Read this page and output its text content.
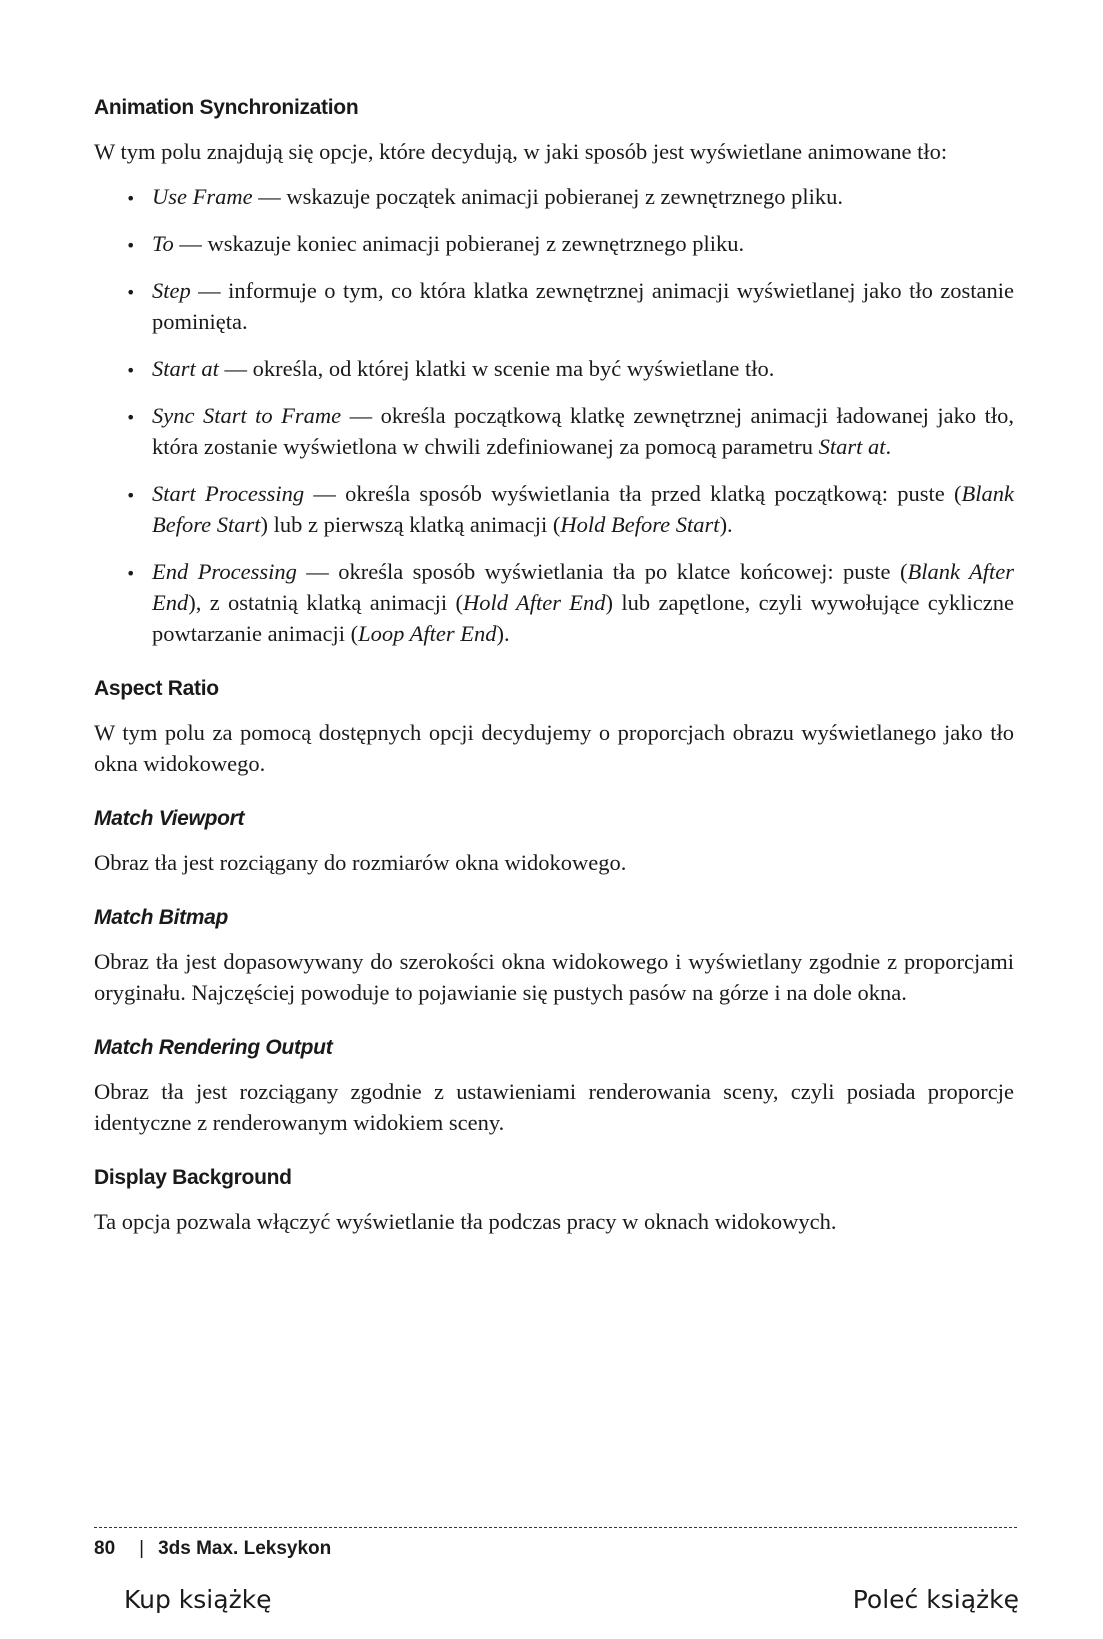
Animation Synchronization

W tym polu znajdują się opcje, które decydują, w jaki sposób jest wyświetlane animowane tło:

• Use Frame — wskazuje początek animacji pobieranej z zewnętrznego pliku.

• To — wskazuje koniec animacji pobieranej z zewnętrznego pliku.

• Step — informuje o tym, co która klatka zewnętrznej animacji wyświetlanej jako tło zostanie pominięta.

• Start at — określa, od której klatki w scenie ma być wyświetlane tło.

• Sync Start to Frame — określa początkową klatkę zewnętrznej animacji ładowanej jako tło, która zostanie wyświetlona w chwili zdefiniowanej za pomocą parametru Start at.

• Start Processing — określa sposób wyświetlania tła przed klatką początkową: puste (Blank Before Start) lub z pierwszą klatką animacji (Hold Before Start).

• End Processing — określa sposób wyświetlania tła po klatce końcowej: puste (Blank After End), z ostatnią klatką animacji (Hold After End) lub zapętlone, czyli wywołujące cykliczne powtarzanie animacji (Loop After End).

Aspect Ratio

W tym polu za pomocą dostępnych opcji decydujemy o proporcjach obrazu wyświetlanego jako tło okna widokowego.

Match Viewport

Obraz tła jest rozciągany do rozmiarów okna widokowego.

Match Bitmap

Obraz tła jest dopasowywany do szerokości okna widokowego i wyświetlany zgodnie z proporcjami oryginału. Najczęściej powoduje to pojawianie się pustych pasów na górze i na dole okna.

Match Rendering Output

Obraz tła jest rozciągany zgodnie z ustawieniami renderowania sceny, czyli posiada proporcje identyczne z renderowanym widokiem sceny.

Display Background

Ta opcja pozwala włączyć wyświetlanie tła podczas pracy w oknach widokowych.

80 | 3ds Max. Leksykon
Kup książkę	Poleć książkę
